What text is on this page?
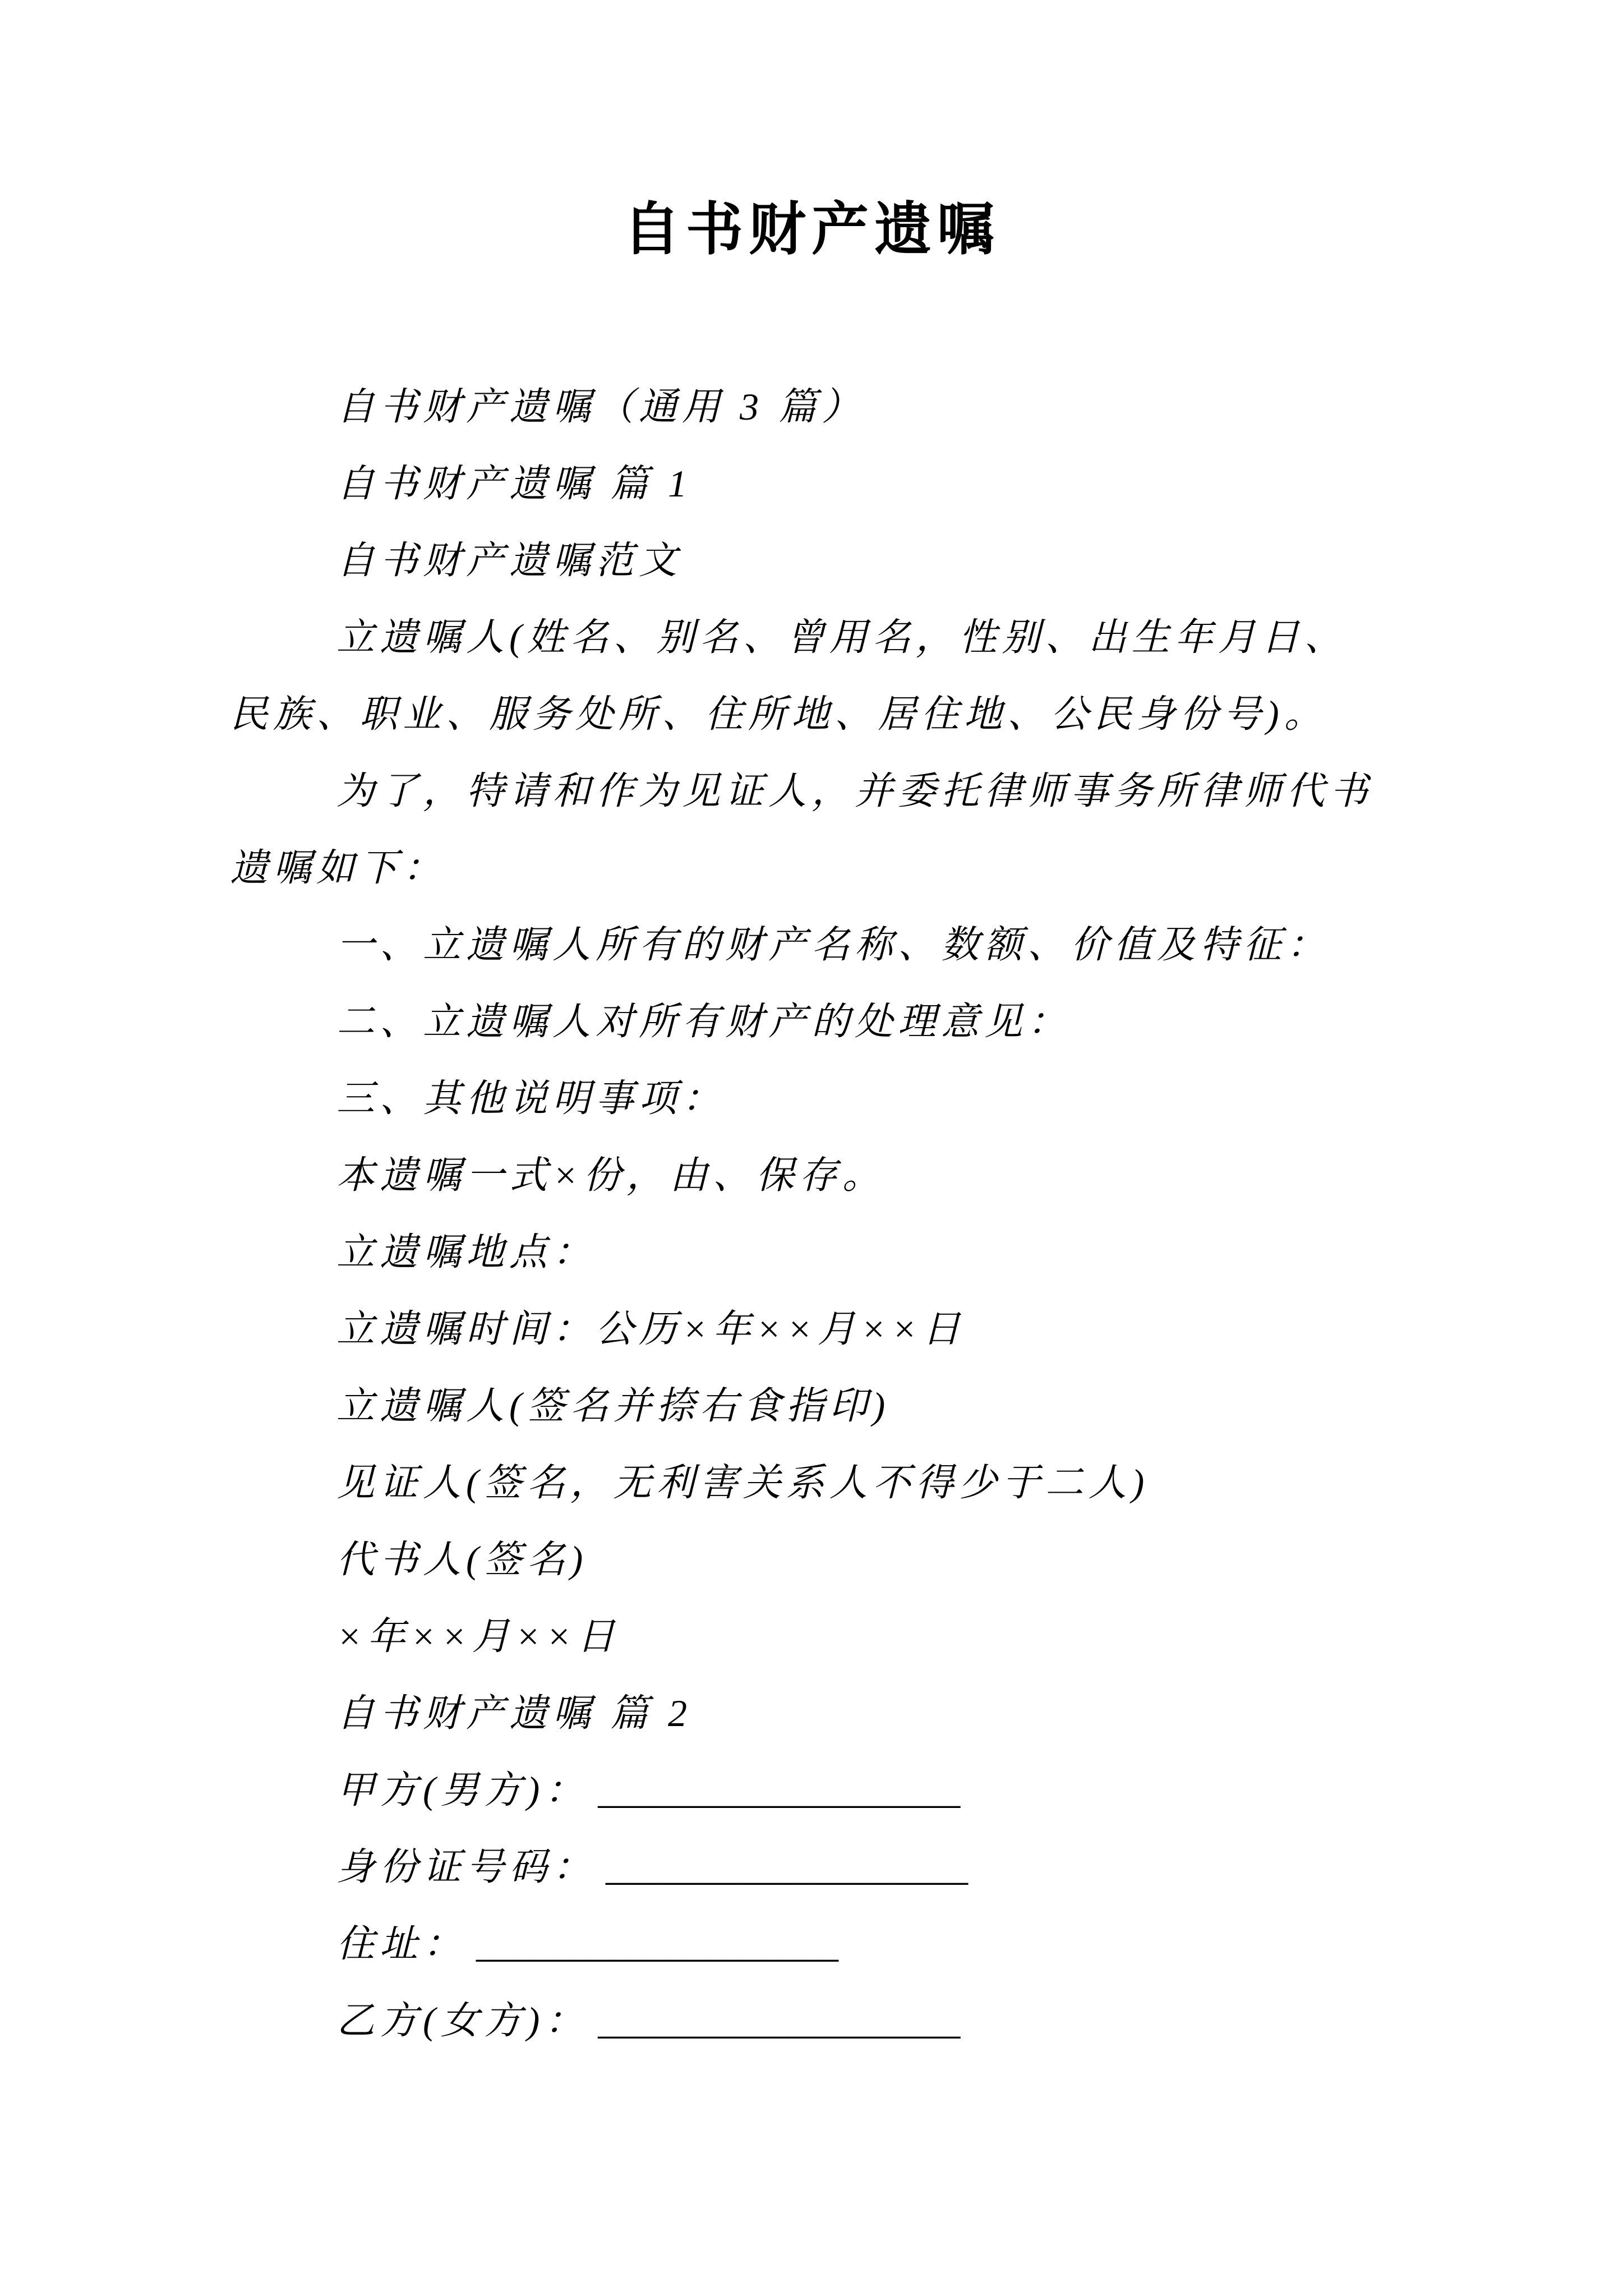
自书财产遗嘱
自书财产遗嘱（通用 3 篇）
自书财产遗嘱 篇 1
自书财产遗嘱范文
立遗嘱人(姓名、别名、曾用名，性别、出生年月日、
民族、职业、服务处所、住所地、居住地、公民身份号)。
为了，特请和作为见证人，并委托律师事务所律师代书
遗嘱如下：
一、立遗嘱人所有的财产名称、数额、价值及特征：
二、立遗嘱人对所有财产的处理意见：
三、其他说明事项：
本遗嘱一式×份，由、保存。
立遗嘱地点：
立遗嘱时间：公历×年××月××日
立遗嘱人(签名并捺右食指印)
见证人(签名，无利害关系人不得少于二人)
代书人(签名)
×年××月××日
自书财产遗嘱 篇 2
甲方(男方)： ___________________
身份证号码： ___________________
住址： ___________________
乙方(女方)： ___________________
